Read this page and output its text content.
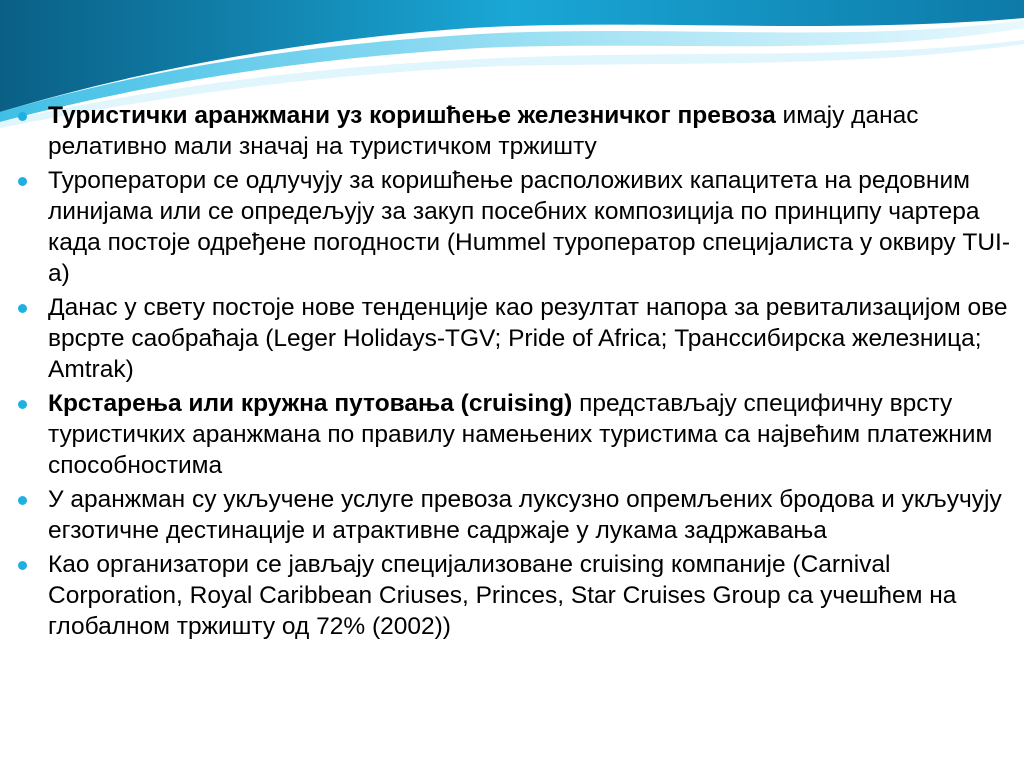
Туристички аранжмани уз коришћење железничког превоза имају данас релативно мали значај на туристичком тржишту
Туроператори се одлучују за коришћење расположивих капацитета на редовним линијама или се опредељују за закуп посебних композиција по принципу чартера када постоје одређене погодности (Hummel туроператор специјалиста у оквиру TUI-a)
Данас у свету постоје нове тенденције као резултат напора за ревитализацијом ове врсрте саобраћаја (Leger Holidays-TGV; Pride of Africa; Транссибирска железница; Amtrak)
Крстарења или кружна путовања (cruising) представљају специфичну врсту туристичких аранжмана по правилу намењених туристима са највећим платежним способностима
У аранжман су укључене услуге превоза луксузно опремљених бродова и укључују егзотичне дестинације и атрактивне садржаје у лукама задржавања
Као организатори се јављају специјализоване cruising компаније (Carnival Corporation, Royal Caribbean Criuses, Princes, Star Cruises Group са учешћем на глобалном тржишту од 72% (2002))
